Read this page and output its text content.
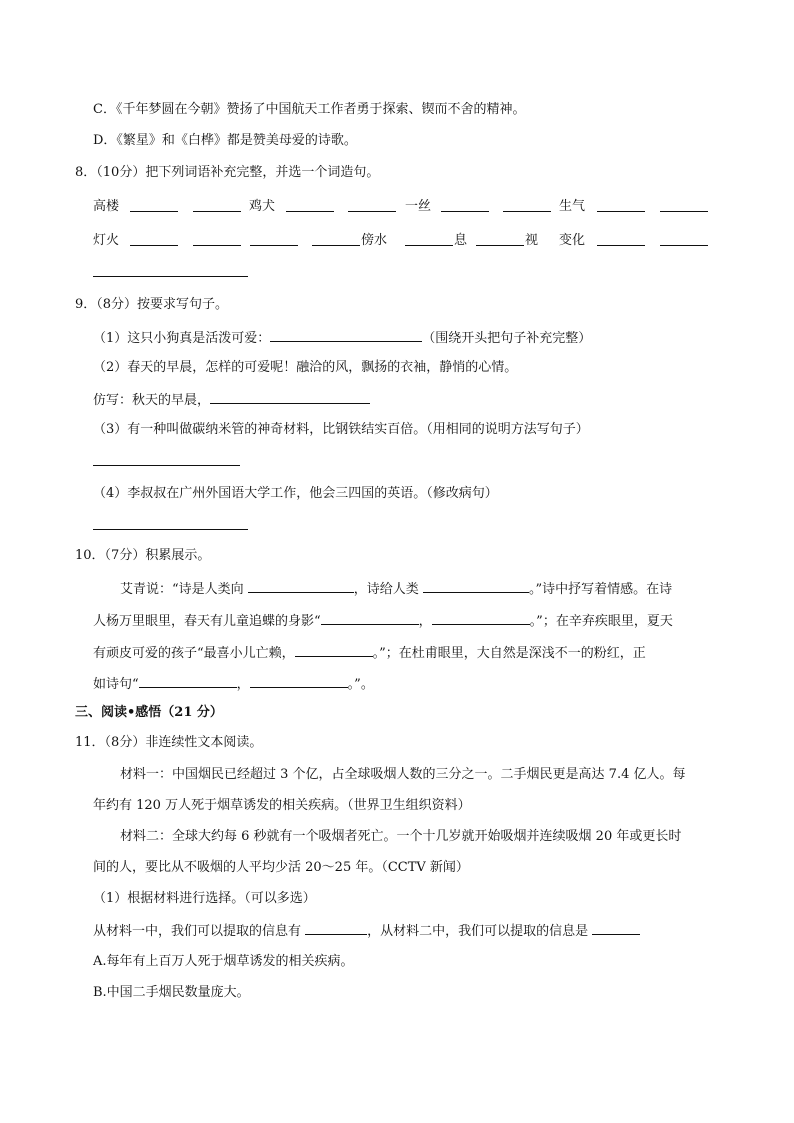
C．《千年梦圆在今朝》赞扬了中国航天工作者勇于探索、锲而不舍的精神。
D．《繁星》和《白桦》都是赞美母爱的诗歌。
8．（10分）把下列词语补充完整，并选一个词造句。
高楼	鸡犬	一丝	生气
灯火	傍水	息	视 变化
9．（8分）按要求写句子。
（1）这只小狗真是活泼可爱：	（围绕开头把句子补充完整）
（2）春天的早晨，怎样的可爱呢！融洽的风，飘扬的衣袖，静悄的心情。
仿写：秋天的早晨，
（3）有一种叫做碳纳米管的神奇材料，比钢铁结实百倍。（用相同的说明方法写句子）
（4）李叔叔在广州外国语大学工作，他会三四国的英语。（修改病句）
10．（7分）积累展示。
艾青说：“诗是人类向	，诗给人类	。”诗中抒写着情感。在诗
人杨万里眼里，春天有儿童追蝶的身影“	，	。”；在辛弃疾眼里，夏天
有顽皮可爱的孩子“最喜小儿亡赖，	。”；在杜甫眼里，大自然是深浅不一的粉红，正
如诗句“	，	。”。
三、阅读•感悟（21 分）
11．（8分）非连续性文本阅读。
材料一：中国烟民已经超过 3 个亿，占全球吸烟人数的三分之一。二手烟民更是高达 7.4 亿人。每
年约有 120 万人死于烟草诱发的相关疾病。（世界卫生组织资料）
材料二：全球大约每 6 秒就有一个吸烟者死亡。一个十几岁就开始吸烟并连续吸烟 20 年或更长时
间的人，要比从不吸烟的人平均少活 20～25 年。（CCTV 新闻）
（1）根据材料进行选择。（可以多选）
从材料一中，我们可以提取的信息有	，从材料二中，我们可以提取的信息是
A.每年有上百万人死于烟草诱发的相关疾病。
B.中国二手烟民数量庞大。
